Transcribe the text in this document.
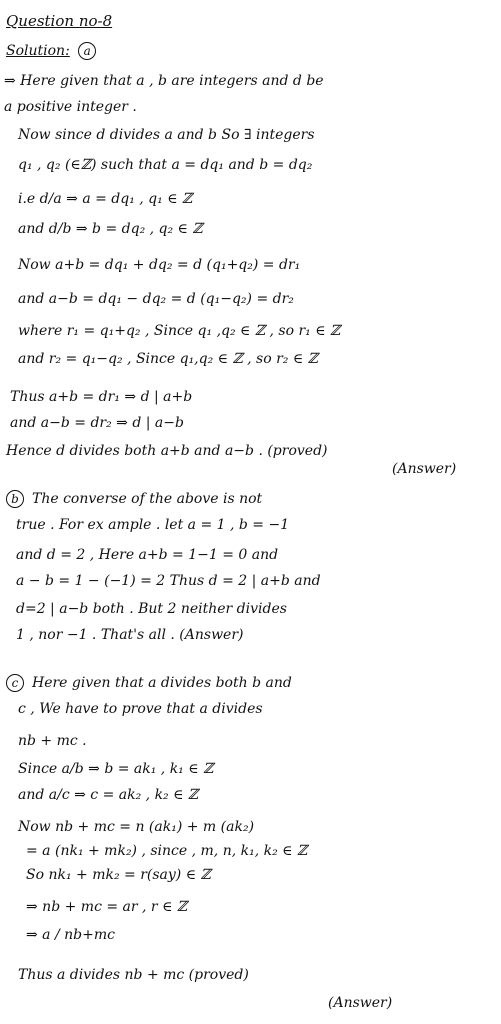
Question no-8
Solution: a
⇒ Here given that a , b are integers and d be
a positive integer .
Now since d divides a and b So ∃ integers
q₁ , q₂ (∈ℤ) such that a = dq₁ and b = dq₂
i.e d/a ⇒ a = dq₁ , q₁ ∈ ℤ
and d/b ⇒ b = dq₂ , q₂ ∈ ℤ
Now a+b = dq₁ + dq₂ = d (q₁+q₂) = dr₁
and a−b = dq₁ − dq₂ = d (q₁−q₂) = dr₂
where r₁ = q₁+q₂ , Since q₁ ,q₂ ∈ ℤ , so r₁ ∈ ℤ
and r₂ = q₁−q₂ , Since q₁,q₂ ∈ ℤ , so r₂ ∈ ℤ
Thus a+b = dr₁ ⇒ d | a+b
and a−b = dr₂ ⇒ d | a−b
Hence d divides both a+b and a−b . (proved)
(Answer)
b The converse of the above is not
true . For ex ample . let a = 1 , b = −1
and d = 2 , Here a+b = 1−1 = 0 and
a − b = 1 − (−1) = 2 Thus d = 2 | a+b and
d=2 | a−b both . But 2 neither divides
1 , nor −1 . That's all . (Answer)
c Here given that a divides both b and
c , We have to prove that a divides
nb + mc .
Since a/b ⇒ b = ak₁ , k₁ ∈ ℤ
and a/c ⇒ c = ak₂ , k₂ ∈ ℤ
Now nb + mc = n (ak₁) + m (ak₂)
= a (nk₁ + mk₂) , since , m, n, k₁, k₂ ∈ ℤ
So nk₁ + mk₂ = r(say) ∈ ℤ
⇒ nb + mc = ar , r ∈ ℤ
⇒ a / nb+mc
Thus a divides nb + mc (proved)
(Answer)
